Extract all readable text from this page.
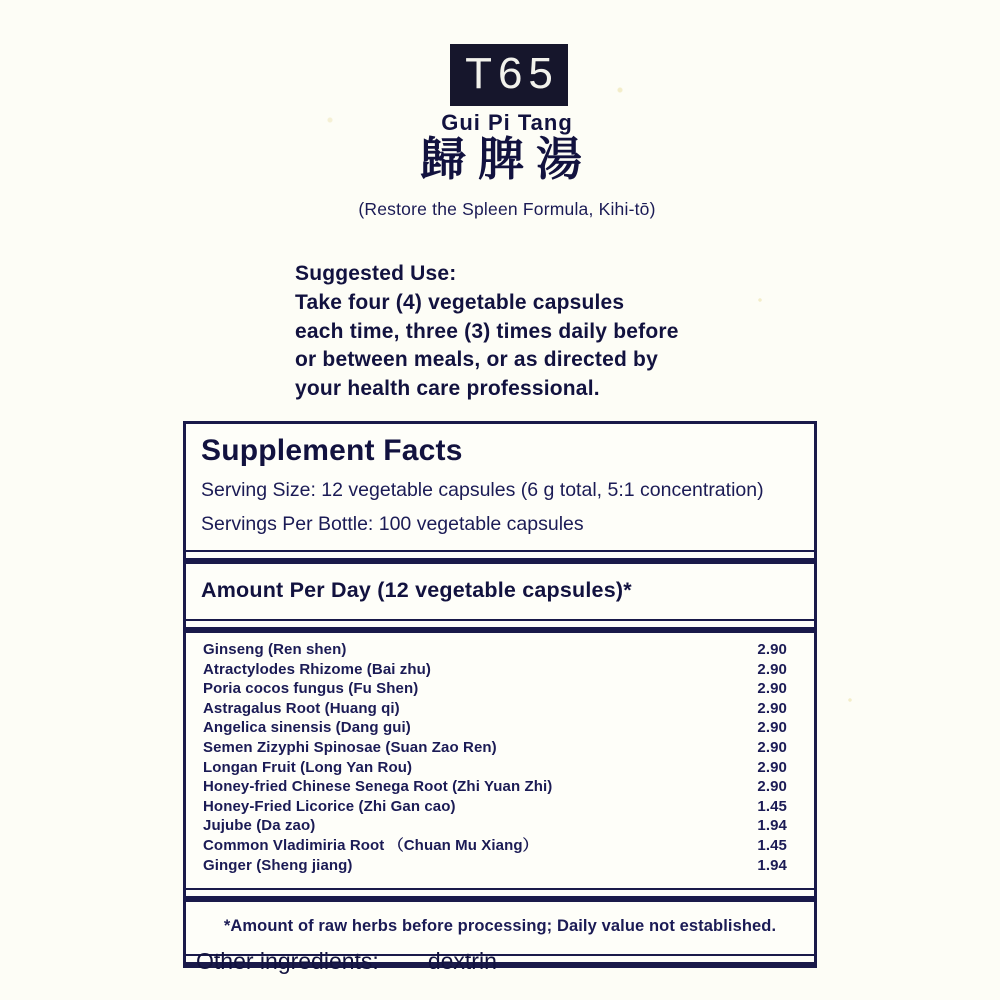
T65
Gui Pi Tang
歸脾湯
(Restore the Spleen Formula, Kihi-tō)
Suggested Use:
Take four (4) vegetable capsules
each time, three (3) times daily before
or between meals, or as directed by
your health care professional.
Supplement Facts
Serving Size: 12 vegetable capsules (6 g total, 5:1 concentration)
Servings Per Bottle: 100 vegetable capsules
Amount Per Day (12 vegetable capsules)*
Ginseng (Ren shen)	2.90
Atractylodes Rhizome (Bai zhu)	2.90
Poria cocos fungus (Fu Shen)	2.90
Astragalus Root (Huang qi)	2.90
Angelica sinensis (Dang gui)	2.90
Semen Zizyphi Spinosae (Suan Zao Ren)	2.90
Longan Fruit (Long Yan Rou)	2.90
Honey-fried Chinese Senega Root (Zhi Yuan Zhi)	2.90
Honey-Fried Licorice (Zhi Gan cao)	1.45
Jujube (Da zao)	1.94
Common Vladimiria Root （Chuan Mu Xiang）	1.45
Ginger (Sheng jiang)	1.94
*Amount of raw herbs before processing; Daily value not established.
Other ingredients: dextrin
